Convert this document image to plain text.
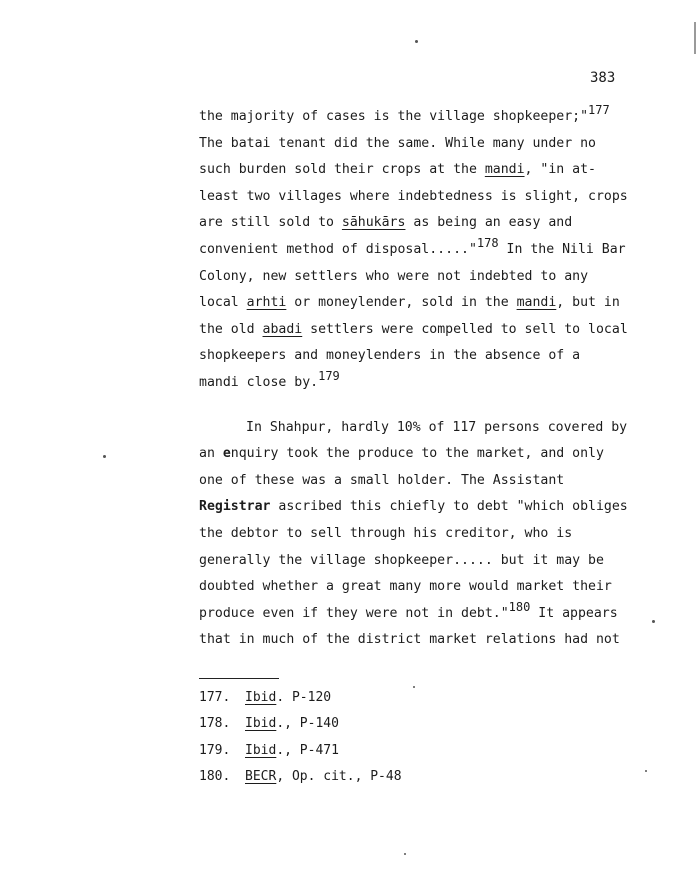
383
the majority of cases is the village shopkeeper;"$^{177}$
The batai tenant did the same. While many under no
such burden sold their crops at the mandi, "in at-
least two villages where indebtedness is slight, crops
are still sold to sāhukārs as being an easy and
convenient method of disposal....."$^{178}$ In the Nili Bar
Colony, new settlers who were not indebted to any
local arhti or moneylender, sold in the mandi, but in
the old abadi settlers were compelled to sell to local
shopkeepers and moneylenders in the absence of a
mandi close by.$^{179}$
In Shahpur, hardly 10% of 117 persons covered by
an enquiry took the produce to the market, and only
one of these was a small holder. The Assistant
Registrar ascribed this chiefly to debt "which obliges
the debtor to sell through his creditor, who is
generally the village shopkeeper..... but it may be
doubted whether a great many more would market their
produce even if they were not in debt."$^{180}$ It appears
that in much of the district market relations had not
177. Ibid. P-120
178. Ibid., P-140
179. Ibid., P-471
180. BECR, Op. cit., P-48
